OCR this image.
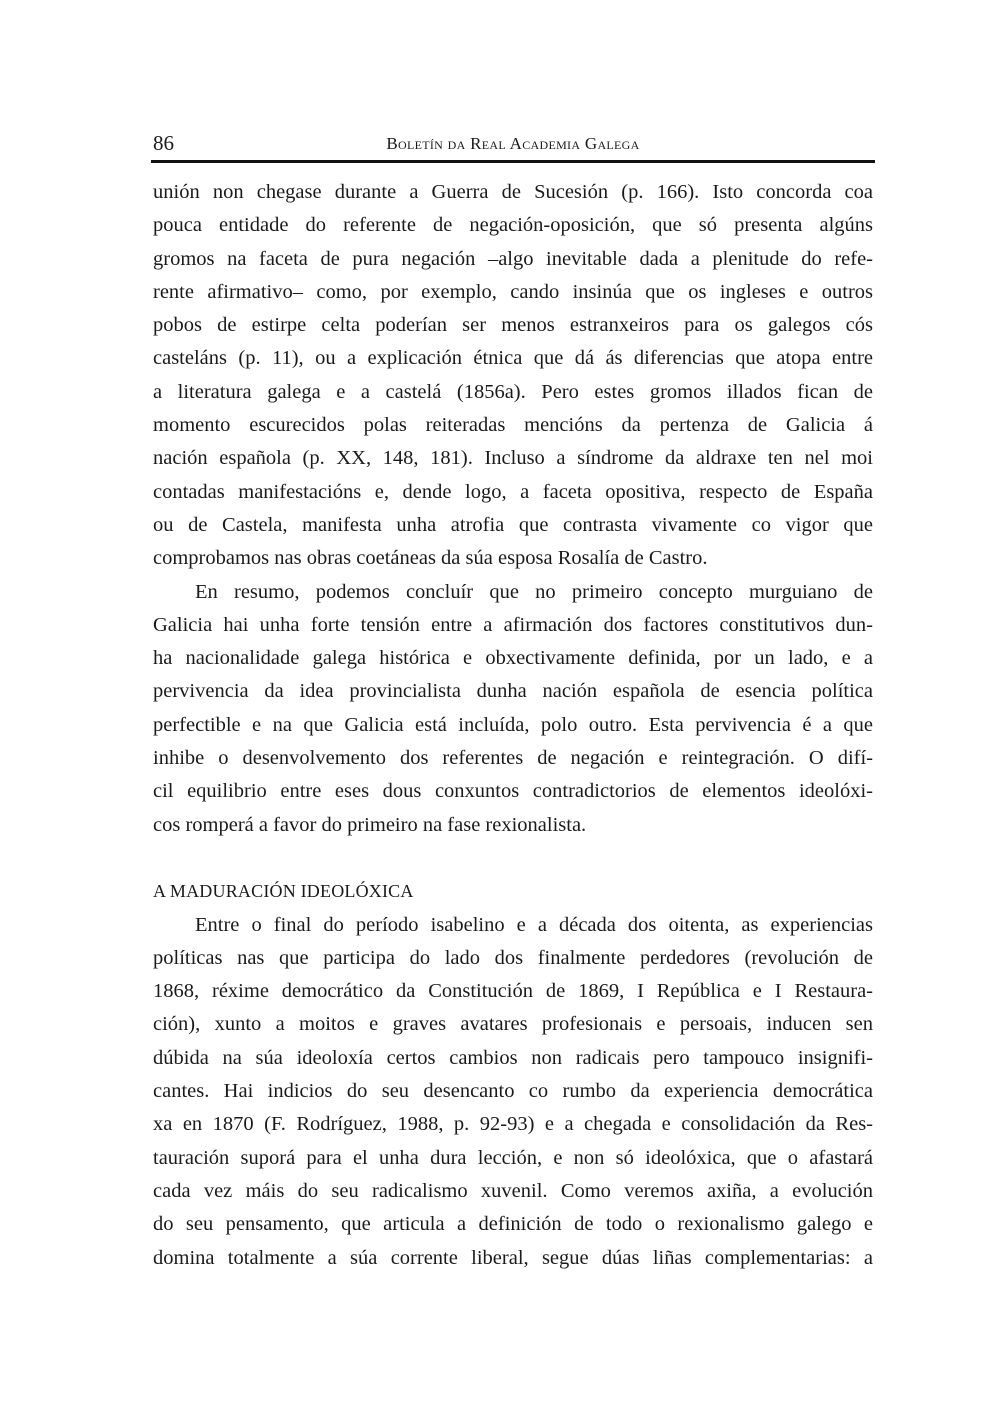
86	Boletín da Real Academia Galega
unión non chegase durante a Guerra de Sucesión (p. 166). Isto concorda coa
pouca entidade do referente de negación-oposición, que só presenta algúns
gromos na faceta de pura negación –algo inevitable dada a plenitude do refe-
rente afirmativo– como, por exemplo, cando insinúa que os ingleses e outros
pobos de estirpe celta poderían ser menos estranxeiros para os galegos cós
casteláns (p. 11), ou a explicación étnica que dá ás diferencias que atopa entre
a literatura galega e a castelá (1856a). Pero estes gromos illados fican de
momento escurecidos polas reiteradas mencións da pertenza de Galicia á
nación española (p. XX, 148, 181). Incluso a síndrome da aldraxe ten nel moi
contadas manifestacións e, dende logo, a faceta opositiva, respecto de España
ou de Castela, manifesta unha atrofia que contrasta vivamente co vigor que
comprobamos nas obras coetáneas da súa esposa Rosalía de Castro.
En resumo, podemos concluír que no primeiro concepto murguiano de
Galicia hai unha forte tensión entre a afirmación dos factores constitutivos dun-
ha nacionalidade galega histórica e obxectivamente definida, por un lado, e a
pervivencia da idea provincialista dunha nación española de esencia política
perfectible e na que Galicia está incluída, polo outro. Esta pervivencia é a que
inhibe o desenvolvemento dos referentes de negación e reintegración. O difí-
cil equilibrio entre eses dous conxuntos contradictorios de elementos ideolóxi-
cos romperá a favor do primeiro na fase rexionalista.
A MADURACIÓN IDEOLÓXICA
Entre o final do período isabelino e a década dos oitenta, as experiencias
políticas nas que participa do lado dos finalmente perdedores (revolución de
1868, réxime democrático da Constitución de 1869, I República e I Restaura-
ción), xunto a moitos e graves avatares profesionais e persoais, inducen sen
dúbida na súa ideoloxía certos cambios non radicais pero tampouco insignifi-
cantes. Hai indicios do seu desencanto co rumbo da experiencia democrática
xa en 1870 (F. Rodríguez, 1988, p. 92-93) e a chegada e consolidación da Res-
tauración suporá para el unha dura lección, e non só ideolóxica, que o afastará
cada vez máis do seu radicalismo xuvenil. Como veremos axiña, a evolución
do seu pensamento, que articula a definición de todo o rexionalismo galego e
domina totalmente a súa corrente liberal, segue dúas liñas complementarias: a
